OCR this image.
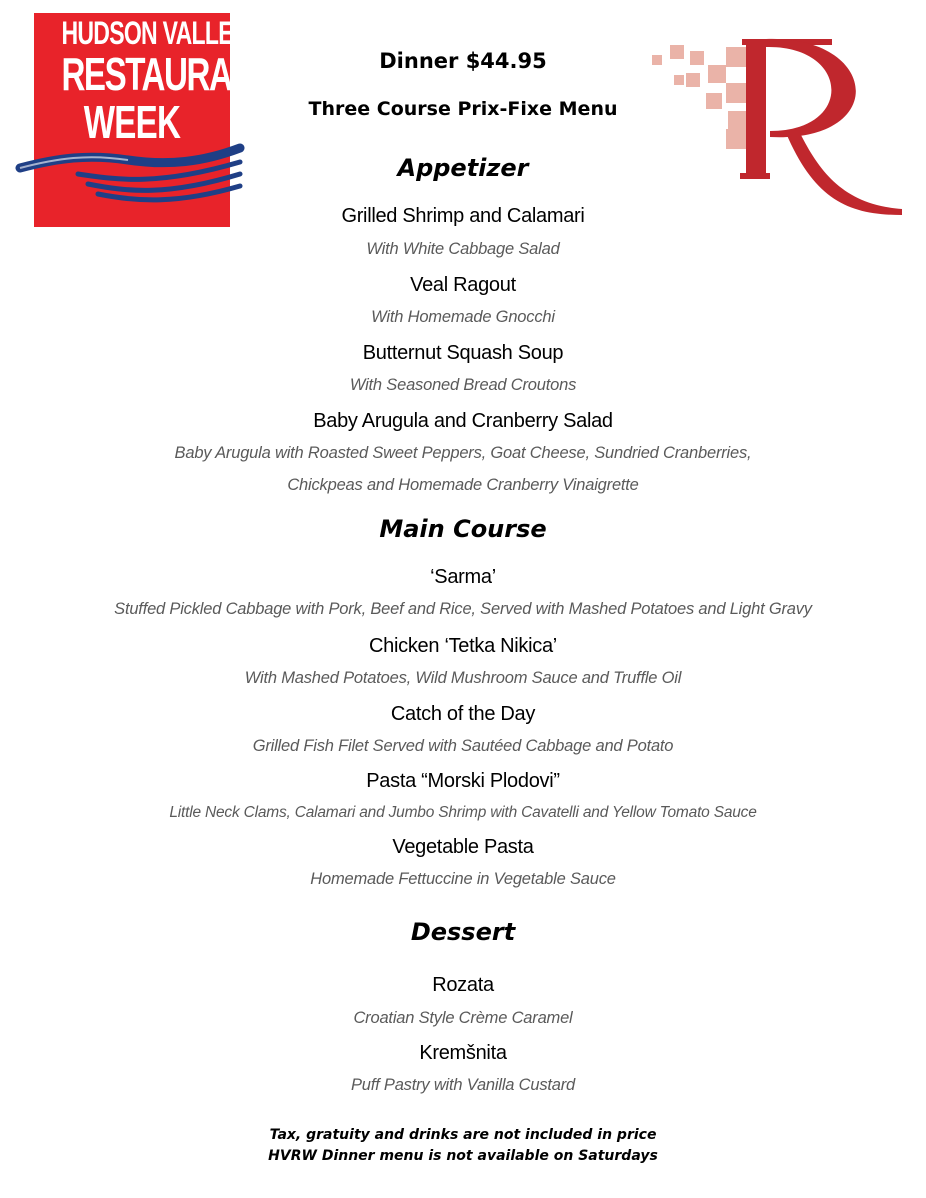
HUDSON VALLEY
RESTAURANT
WEEK
Dinner $44.95
Three Course Prix-Fixe Menu
Appetizer
Grilled Shrimp and Calamari
With White Cabbage Salad
Veal Ragout
With Homemade Gnocchi
Butternut Squash Soup
With Seasoned Bread Croutons
Baby Arugula and Cranberry Salad
Baby Arugula with Roasted Sweet Peppers, Goat Cheese, Sundried Cranberries,
Chickpeas and Homemade Cranberry Vinaigrette
Main Course
‘Sarma’
Stuffed Pickled Cabbage with Pork, Beef and Rice, Served with Mashed Potatoes and Light Gravy
Chicken ‘Tetka Nikica’
With Mashed Potatoes, Wild Mushroom Sauce and Truffle Oil
Catch of the Day
Grilled Fish Filet Served with Sautéed Cabbage and Potato
Pasta “Morski Plodovi”
Little Neck Clams, Calamari and Jumbo Shrimp with Cavatelli and Yellow Tomato Sauce
Vegetable Pasta
Homemade Fettuccine in Vegetable Sauce
Dessert
Rozata
Croatian Style Crème Caramel
Kremšnita
Puff Pastry with Vanilla Custard
Tax, gratuity and drinks are not included in price
HVRW Dinner menu is not available on Saturdays
